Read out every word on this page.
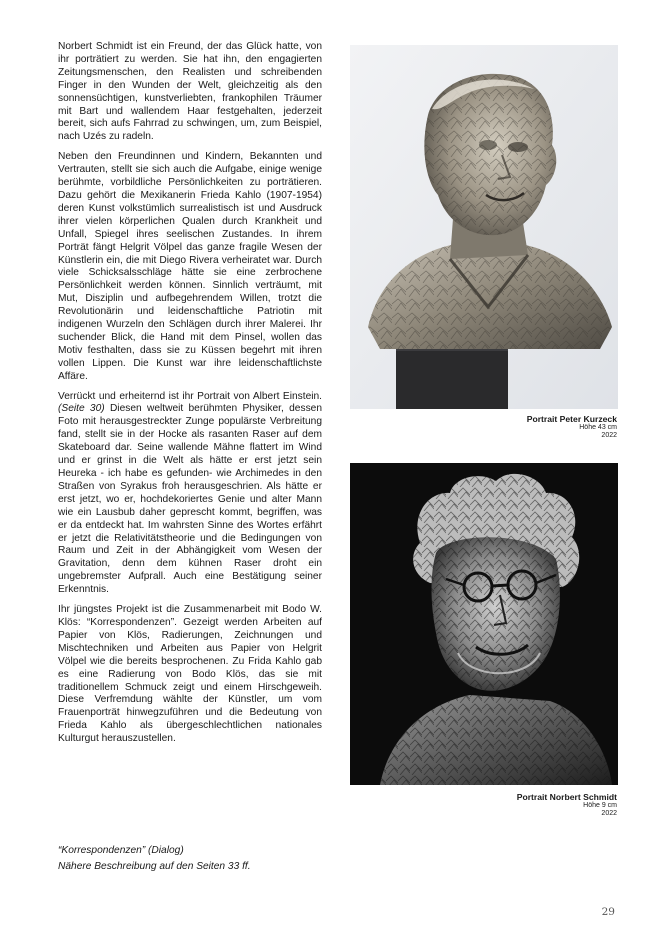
Norbert Schmidt ist ein Freund, der das Glück hatte, von ihr porträtiert zu werden. Sie hat ihn, den engagierten Zeitungsmenschen, den Realisten und schreibenden Finger in den Wunden der Welt, gleichzeitig als den sonnensüchtigen, kunstverliebten, frankophilen Träumer mit Bart und wallendem Haar festgehalten, jederzeit bereit, sich aufs Fahrrad zu schwingen, um, zum Beispiel, nach Uzés zu radeln.

Neben den Freundinnen und Kindern, Bekannten und Vertrauten, stellt sie sich auch die Aufgabe, einige wenige berühmte, vorbildliche Persönlichkeiten zu porträtieren. Dazu gehört die Mexikanerin Frieda Kahlo (1907-1954) deren Kunst volkstümlich surrealistisch ist und Ausdruck ihrer vielen körperlichen Qualen durch Krankheit und Unfall, Spiegel ihres seelischen Zustandes. In ihrem Porträt fängt Helgrit Völpel das ganze fragile Wesen der Künstlerin ein, die mit Diego Rivera verheiratet war. Durch viele Schicksalsschläge hätte sie eine zerbrochene Persönlichkeit werden können. Sinnlich verträumt, mit Mut, Disziplin und aufbegehrendem Willen, trotzt die Revolutionärin und leidenschaftliche Patriotin mit indigenen Wurzeln den Schlägen durch ihrer Malerei. Ihr suchender Blick, die Hand mit dem Pinsel, wollen das Motiv festhalten, dass sie zu Küssen begehrt mit ihren vollen Lippen. Die Kunst war ihre leidenschaftlichste Affäre.

Verrückt und erheiternd ist ihr Portrait von Albert Einstein. (Seite 30) Diesen weltweit berühmten Physiker, dessen Foto mit herausgestreckter Zunge populärste Verbreitung fand, stellt sie in der Hocke als rasanten Raser auf dem Skateboard dar. Seine wallende Mähne flattert im Wind und er grinst in die Welt als hätte er erst jetzt sein Heureka - ich habe es gefunden- wie Archimedes in den Straßen von Syrakus froh herausgeschrien. Als hätte er erst jetzt, wo er, hochdekoriertes Genie und alter Mann wie ein Lausbub daher geprescht kommt, begriffen, was er da entdeckt hat. Im wahrsten Sinne des Wortes erfährt er jetzt die Relativitätstheorie und die Bedingungen von Raum und Zeit in der Abhängigkeit vom Wesen der Gravitation, denn dem kühnen Raser droht ein ungebremster Aufprall. Auch eine Bestätigung seiner Erkenntnis.

Ihr jüngstes Projekt ist die Zusammenarbeit mit Bodo W. Klös: “Korrespondenzen”. Gezeigt werden Arbeiten auf Papier von Klös, Radierungen, Zeichnungen und Mischtechniken und Arbeiten aus Papier von Helgrit Völpel wie die bereits besprochenen. Zu Frida Kahlo gab es eine Radierung von Bodo Klös, das sie mit traditionellem Schmuck zeigt und einem Hirschgeweih. Diese Verfremdung wählte der Künstler, um vom Frauenporträt hinwegzuführen und die Bedeutung von Frieda Kahlo als übergeschlechtlichen nationales Kulturgut herauszustellen.

Portrait Peter Kurzeck
Höhe 43 cm
2022
Portrait Norbert Schmidt
Höhe 9 cm
2022
“Korrespondenzen” (Dialog)
Nähere Beschreibung auf den Seiten 33 ff.
29
